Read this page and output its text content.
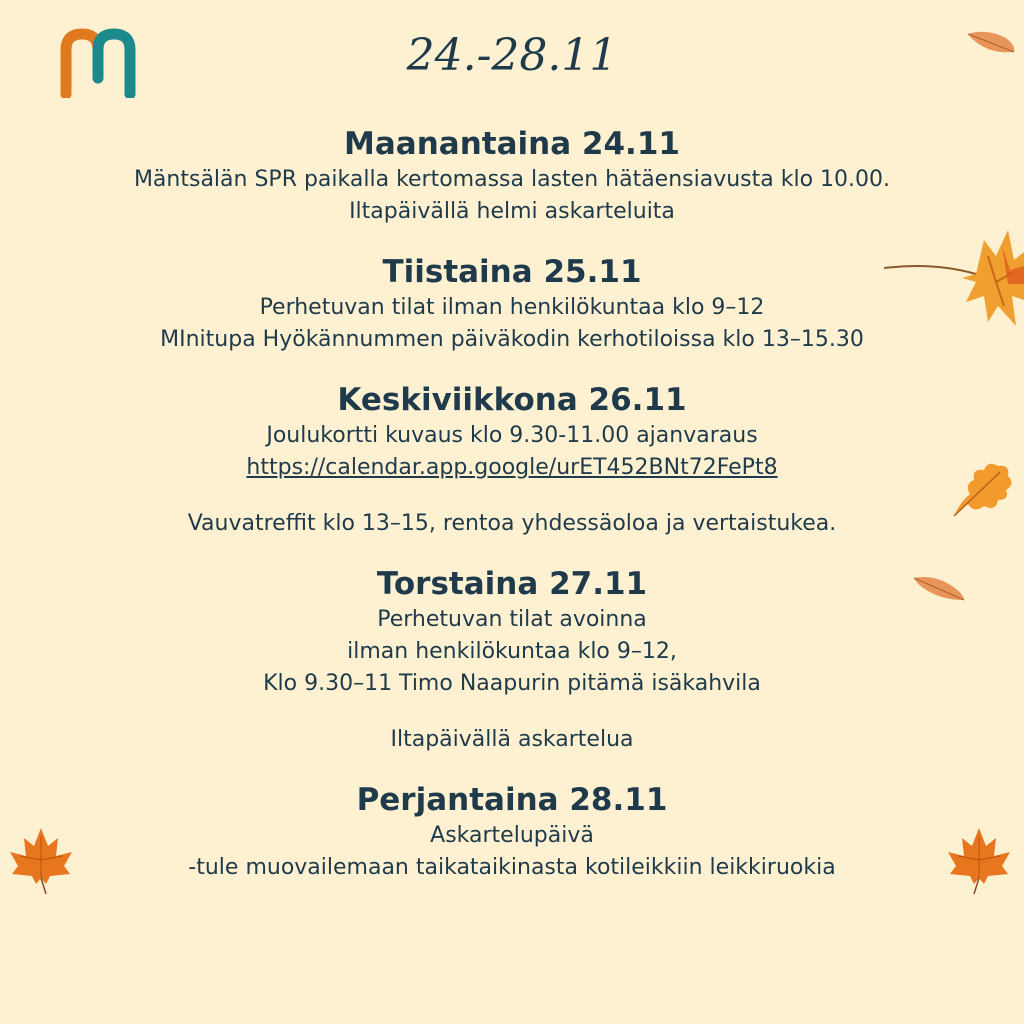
24.-28.11
Maanantaina 24.11
Mäntsälän SPR paikalla kertomassa lasten hätäensiavusta klo 10.00.
Iltapäivällä helmi askarteluita
Tiistaina 25.11
Perhetuvan tilat ilman henkilökuntaa klo 9–12
MInitupa Hyökännummen päiväkodin kerhotiloissa klo 13–15.30
Keskiviikkona 26.11
Joulukortti kuvaus klo 9.30-11.00 ajanvaraus
https://calendar.app.google/urET452BNt72FePt8
Vauvatreffit klo 13–15, rentoa yhdessäoloa ja vertaistukea.
Torstaina 27.11
Perhetuvan tilat avoinna
ilman henkilökuntaa klo 9–12,
Klo 9.30–11 Timo Naapurin pitämä isäkahvila
Iltapäivällä askartelua
Perjantaina 28.11
Askartelupäivä
-tule muovailemaan taikataikinasta kotileikkiin leikkiruokia
